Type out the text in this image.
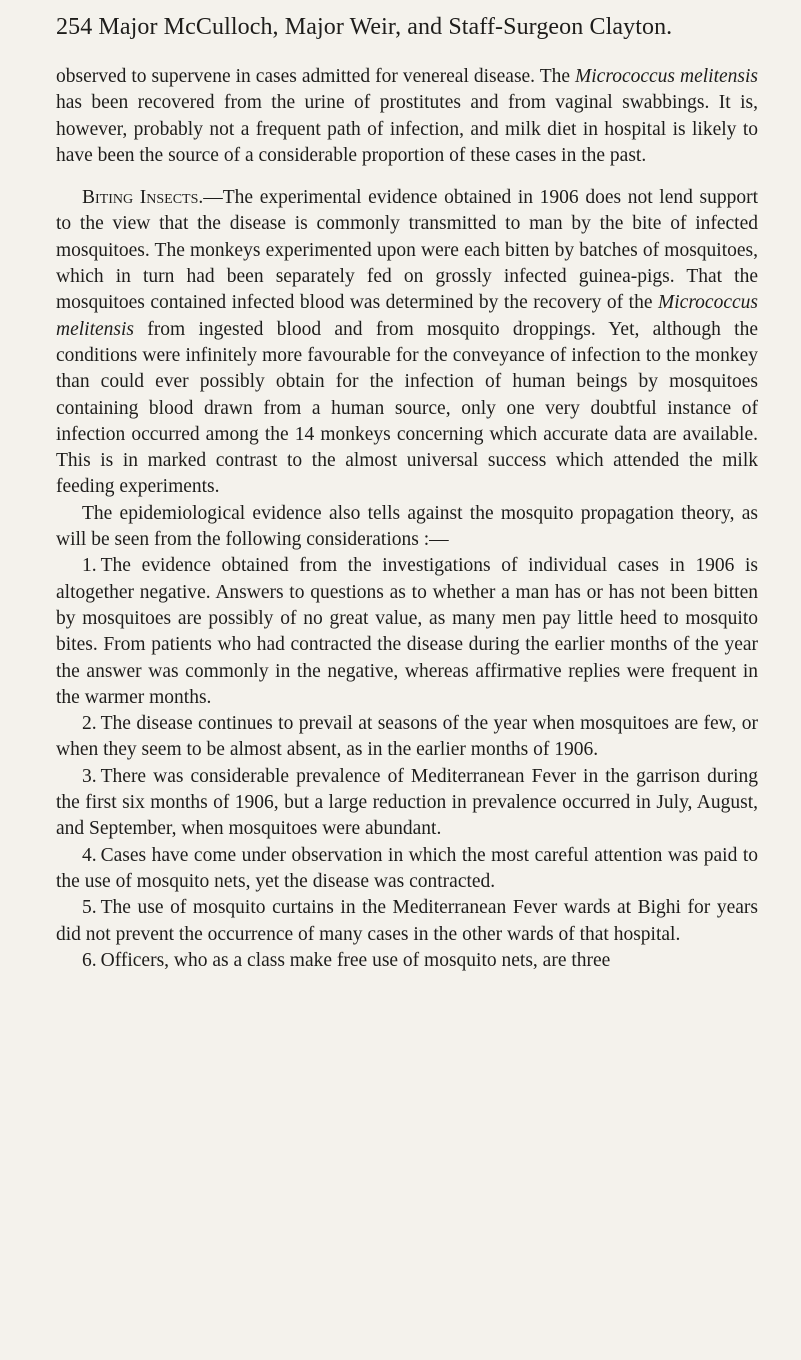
254 Major McCulloch, Major Weir, and Staff-Surgeon Clayton.

observed to supervene in cases admitted for venereal disease. The Micrococcus melitensis has been recovered from the urine of prostitutes and from vaginal swabbings. It is, however, probably not a frequent path of infection, and milk diet in hospital is likely to have been the source of a considerable proportion of these cases in the past.

Biting Insects.—The experimental evidence obtained in 1906 does not lend support to the view that the disease is commonly transmitted to man by the bite of infected mosquitoes. The monkeys experimented upon were each bitten by batches of mosquitoes, which in turn had been separately fed on grossly infected guinea-pigs. That the mosquitoes contained infected blood was determined by the recovery of the Micrococcus melitensis from ingested blood and from mosquito droppings. Yet, although the conditions were infinitely more favourable for the conveyance of infection to the monkey than could ever possibly obtain for the infection of human beings by mosquitoes containing blood drawn from a human source, only one very doubtful instance of infection occurred among the 14 monkeys concerning which accurate data are available. This is in marked contrast to the almost universal success which attended the milk feeding experiments.

The epidemiological evidence also tells against the mosquito propagation theory, as will be seen from the following considerations :—

1. The evidence obtained from the investigations of individual cases in 1906 is altogether negative. Answers to questions as to whether a man has or has not been bitten by mosquitoes are possibly of no great value, as many men pay little heed to mosquito bites. From patients who had contracted the disease during the earlier months of the year the answer was commonly in the negative, whereas affirmative replies were frequent in the warmer months.

2. The disease continues to prevail at seasons of the year when mosquitoes are few, or when they seem to be almost absent, as in the earlier months of 1906.

3. There was considerable prevalence of Mediterranean Fever in the garrison during the first six months of 1906, but a large reduction in prevalence occurred in July, August, and September, when mosquitoes were abundant.

4. Cases have come under observation in which the most careful attention was paid to the use of mosquito nets, yet the disease was contracted.

5. The use of mosquito curtains in the Mediterranean Fever wards at Bighi for years did not prevent the occurrence of many cases in the other wards of that hospital.

6. Officers, who as a class make free use of mosquito nets, are three
